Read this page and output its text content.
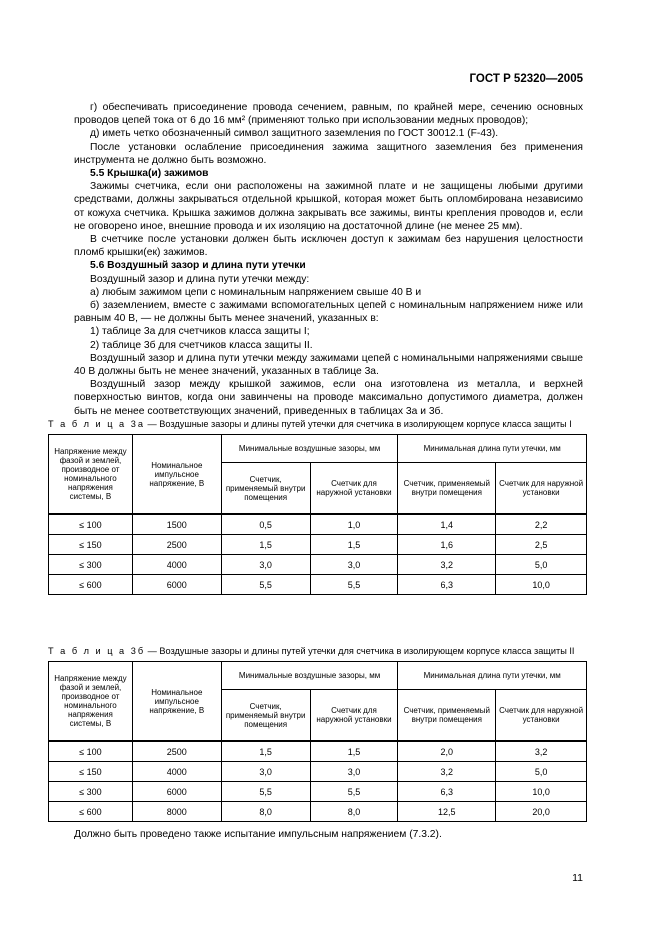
ГОСТ Р 52320—2005

г) обеспечивать присоединение провода сечением, равным, по крайней мере, сечению основных проводов цепей тока от 6 до 16 мм² (применяют только при использовании медных проводов);

д) иметь четко обозначенный символ защитного заземления по ГОСТ 30012.1 (F-43).

После установки ослабление присоединения зажима защитного заземления без применения инструмента не должно быть возможно.

5.5 Крышка(и) зажимов

Зажимы счетчика, если они расположены на зажимной плате и не защищены любыми другими средствами, должны закрываться отдельной крышкой, которая может быть опломбирована независимо от кожуха счетчика. Крышка зажимов должна закрывать все зажимы, винты крепления проводов и, если не оговорено иное, внешние провода и их изоляцию на достаточной длине (не менее 25 мм).

В счетчике после установки должен быть исключен доступ к зажимам без нарушения целостности пломб крышки(ек) зажимов.

5.6 Воздушный зазор и длина пути утечки

Воздушный зазор и длина пути утечки между:

а) любым зажимом цепи с номинальным напряжением свыше 40 В и

б) заземлением, вместе с зажимами вспомогательных цепей с номинальным напряжением ниже или равным 40 В, — не должны быть менее значений, указанных в:

1) таблице 3а для счетчиков класса защиты I;

2) таблице 3б для счетчиков класса защиты II.

Воздушный зазор и длина пути утечки между зажимами цепей с номинальными напряжениями свыше 40 В должны быть не менее значений, указанных в таблице 3а.

Воздушный зазор между крышкой зажимов, если она изготовлена из металла, и верхней поверхностью винтов, когда они завинчены на проводе максимально допустимого диаметра, должен быть не менее соответствующих значений, приведенных в таблицах 3а и 3б.

Т а б л и ц а 3а — Воздушные зазоры и длины путей утечки для счетчика в изолирующем корпусе класса защиты I
Напряжение между фазой и землей, производное от номинального напряжения системы, В	Номинальное импульсное напряжение, В	Минимальные воздушные зазоры, мм		Минимальная длина пути утечки, мм	
		Счетчик, применяемый внутри помещения	Счетчик для наружной установки	Счетчик, применяемый внутри помещения	Счетчик для наружной установки
≤ 100	1500	0,5	1,0	1,4	2,2
≤ 150	2500	1,5	1,5	1,6	2,5
≤ 300	4000	3,0	3,0	3,2	5,0
≤ 600	6000	5,5	5,5	6,3	10,0
Т а б л и ц а 3б — Воздушные зазоры и длины путей утечки для счетчика в изолирующем корпусе класса защиты II
Напряжение между фазой и землей, производное от номинального напряжения системы, В	Номинальное импульсное напряжение, В	Минимальные воздушные зазоры, мм		Минимальная длина пути утечки, мм	
		Счетчик, применяемый внутри помещения	Счетчик для наружной установки	Счетчик, применяемый внутри помещения	Счетчик для наружной установки
≤ 100	2500	1,5	1,5	2,0	3,2
≤ 150	4000	3,0	3,0	3,2	5,0
≤ 300	6000	5,5	5,5	6,3	10,0
≤ 600	8000	8,0	8,0	12,5	20,0
Должно быть проведено также испытание импульсным напряжением (7.3.2).
11
